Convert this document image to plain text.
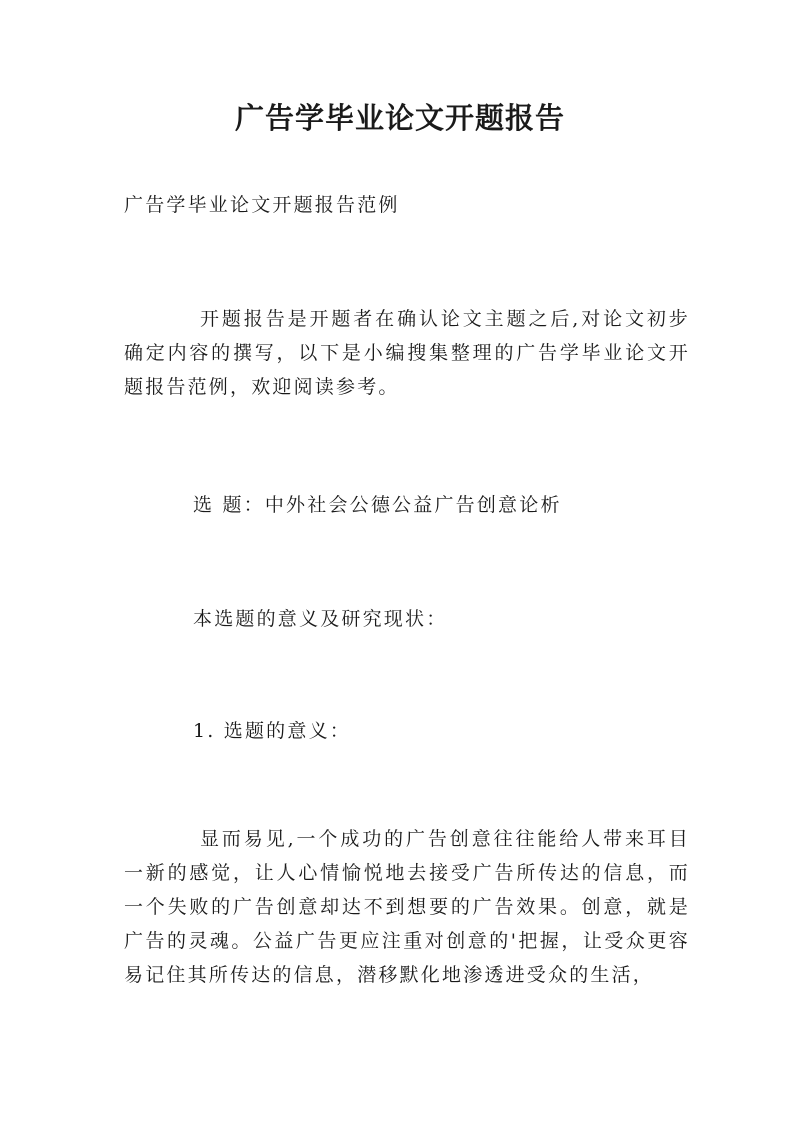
广告学毕业论文开题报告
广告学毕业论文开题报告范例
开题报告是开题者在确认论文主题之后,对论文初步确定内容的撰写，以下是小编搜集整理的广告学毕业论文开题报告范例，欢迎阅读参考。
选 题：中外社会公德公益广告创意论析
本选题的意义及研究现状：
1. 选题的意义：
显而易见,一个成功的广告创意往往能给人带来耳目一新的感觉，让人心情愉悦地去接受广告所传达的信息，而一个失败的广告创意却达不到想要的广告效果。创意，就是广告的灵魂。公益广告更应注重对创意的'把握，让受众更容易记住其所传达的信息，潜移默化地渗透进受众的生活，
